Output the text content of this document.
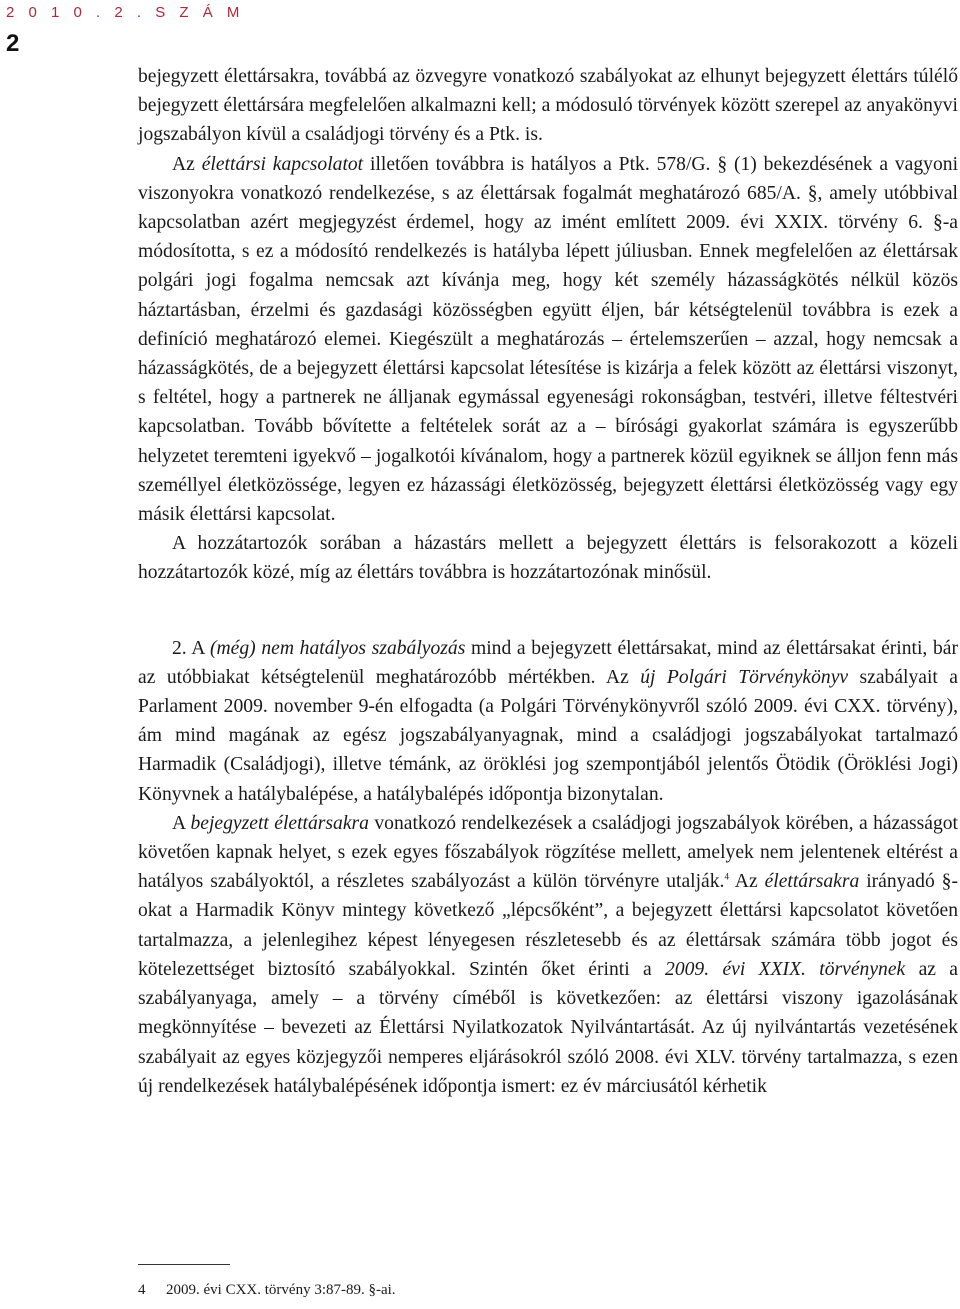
2 0 1 0 . 2 . S Z Á M
2

bejegyzett élettársakra, továbbá az özvegyre vonatkozó szabályokat az elhunyt bejegyzett élettárs túlélő bejegyzett élettársára megfelelően alkalmazni kell; a módosuló törvények között szerepel az anyakönyvi jogszabályon kívül a családjogi törvény és a Ptk. is.

Az élettársi kapcsolatot illetően továbbra is hatályos a Ptk. 578/G. § (1) bekezdésének a vagyoni viszonyokra vonatkozó rendelkezése, s az élettársak fogalmát meghatározó 685/A. §, amely utóbbival kapcsolatban azért megjegyzést érdemel, hogy az imént említett 2009. évi XXIX. törvény 6. §-a módosította, s ez a módosító rendelkezés is hatályba lépett júliusban. Ennek megfelelően az élettársak polgári jogi fogalma nemcsak azt kívánja meg, hogy két személy házasságkötés nélkül közös háztartásban, érzelmi és gazdasági közösségben együtt éljen, bár kétségtelenül továbbra is ezek a definíció meghatározó elemei. Kiegészült a meghatározás – értelemszerűen – azzal, hogy nemcsak a házasságkötés, de a bejegyzett élettársi kapcsolat létesítése is kizárja a felek között az élettársi viszonyt, s feltétel, hogy a partnerek ne álljanak egymással egyenesági rokonságban, testvéri, illetve féltestvéri kapcsolatban. Tovább bővítette a feltételek sorát az a – bírósági gyakorlat számára is egyszerűbb helyzetet teremteni igyekvő – jogalkotói kívánalom, hogy a partnerek közül egyiknek se álljon fenn más személlyel életközössége, legyen ez házassági életközösség, bejegyzett élettársi életközösség vagy egy másik élettársi kapcsolat.

A hozzátartozók sorában a házastárs mellett a bejegyzett élettárs is felsorakozott a közeli hozzátartozók közé, míg az élettárs továbbra is hozzátartozónak minősül.

2. A (még) nem hatályos szabályozás mind a bejegyzett élettársakat, mind az élettársakat érinti, bár az utóbbiakat kétségtelenül meghatározóbb mértékben. Az új Polgári Törvénykönyv szabályait a Parlament 2009. november 9-én elfogadta (a Polgári Törvénykönyvről szóló 2009. évi CXX. törvény), ám mind magának az egész jogszabályanyagnak, mind a családjogi jogszabályokat tartalmazó Harmadik (Családjogi), illetve témánk, az öröklési jog szempontjából jelentős Ötödik (Öröklési Jogi) Könyvnek a hatálybalépése, a hatálybalépés időpontja bizonytalan.

A bejegyzett élettársakra vonatkozó rendelkezések a családjogi jogszabályok körében, a házasságot követően kapnak helyet, s ezek egyes főszabályok rögzítése mellett, amelyek nem jelentenek eltérést a hatályos szabályoktól, a részletes szabályozást a külön törvényre utalják.$^4$ Az élettársakra irányadó §-okat a Harmadik Könyv mintegy következő „lépcsőként”, a bejegyzett élettársi kapcsolatot követően tartalmazza, a jelenlegihez képest lényegesen részletesebb és az élettársak számára több jogot és kötelezettséget biztosító szabályokkal. Szintén őket érinti a 2009. évi XXIX. törvénynek az a szabályanyaga, amely – a törvény címéből is következően: az élettársi viszony igazolásának megkönnyítése – bevezeti az Élettársi Nyilatkozatok Nyilvántartását. Az új nyilvántartás vezetésének szabályait az egyes közjegyzői nemperes eljárásokról szóló 2008. évi XLV. törvény tartalmazza, s ezen új rendelkezések hatálybalépésének időpontja ismert: ez év márciusától kérhetik

4 2009. évi CXX. törvény 3:87-89. §-ai.
